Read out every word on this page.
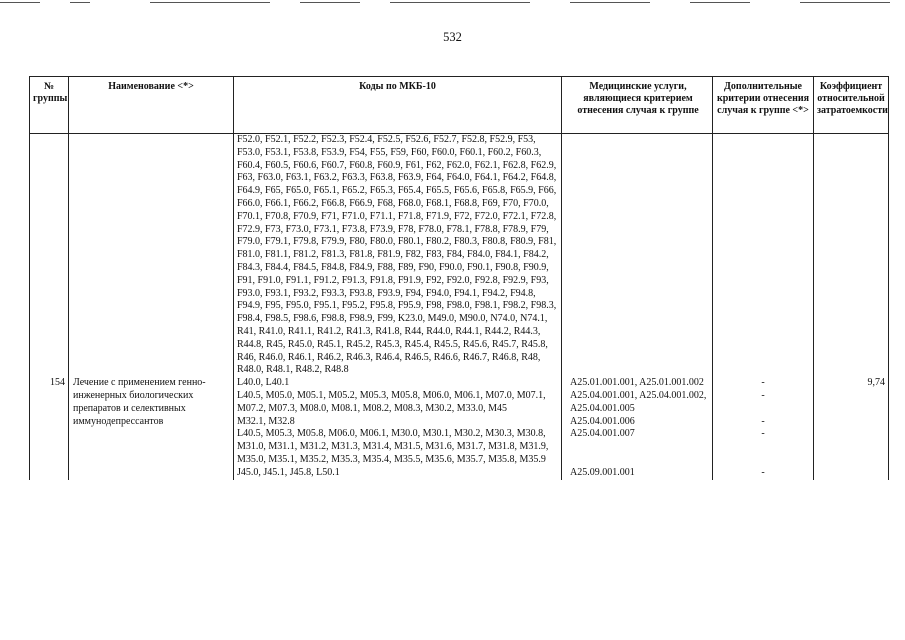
532
№ группы	Наименование <*>	Коды по МКБ-10	Медицинские услуги, являющиеся критерием отнесения случая к группе	Дополнительные критерии отнесения случая к группе <*>	Коэффициент относительной затратоемкости
		F52.0, F52.1, F52.2, F52.3, F52.4, F52.5, F52.6, F52.7, F52.8, F52.9, F53, F53.0, F53.1, F53.8, F53.9, F54, F55, F59, F60, F60.0, F60.1, F60.2, F60.3, F60.4, F60.5, F60.6, F60.7, F60.8, F60.9, F61, F62, F62.0, F62.1, F62.8, F62.9, F63, F63.0, F63.1, F63.2, F63.3, F63.8, F63.9, F64, F64.0, F64.1, F64.2, F64.8, F64.9, F65, F65.0, F65.1, F65.2, F65.3, F65.4, F65.5, F65.6, F65.8, F65.9, F66, F66.0, F66.1, F66.2, F66.8, F66.9, F68, F68.0, F68.1, F68.8, F69, F70, F70.0, F70.1, F70.8, F70.9, F71, F71.0, F71.1, F71.8, F71.9, F72, F72.0, F72.1, F72.8, F72.9, F73, F73.0, F73.1, F73.8, F73.9, F78, F78.0, F78.1, F78.8, F78.9, F79, F79.0, F79.1, F79.8, F79.9, F80, F80.0, F80.1, F80.2, F80.3, F80.8, F80.9, F81, F81.0, F81.1, F81.2, F81.3, F81.8, F81.9, F82, F83, F84, F84.0, F84.1, F84.2, F84.3, F84.4, F84.5, F84.8, F84.9, F88, F89, F90, F90.0, F90.1, F90.8, F90.9, F91, F91.0, F91.1, F91.2, F91.3, F91.8, F91.9, F92, F92.0, F92.8, F92.9, F93, F93.0, F93.1, F93.2, F93.3, F93.8, F93.9, F94, F94.0, F94.1, F94.2, F94.8, F94.9, F95, F95.0, F95.1, F95.2, F95.8, F95.9, F98, F98.0, F98.1, F98.2, F98.3, F98.4, F98.5, F98.6, F98.8, F98.9, F99, K23.0, M49.0, M90.0, N74.0, N74.1, R41, R41.0, R41.1, R41.2, R41.3, R41.8, R44, R44.0, R44.1, R44.2, R44.3, R44.8, R45, R45.0, R45.1, R45.2, R45.3, R45.4, R45.5, R45.6, R45.7, R45.8, R46, R46.0, R46.1, R46.2, R46.3, R46.4, R46.5, R46.6, R46.7, R46.8, R48, R48.0, R48.1, R48.2, R48.8			
154	Лечение с применением генно-инженерных биологических препаратов и селективных иммунодепрессантов	L40.0, L40.1	A25.01.001.001, A25.01.001.002	-	9,74
		L40.5, M05.0, M05.1, M05.2, M05.3, M05.8, M06.0, M06.1, M07.0, M07.1, M07.2, M07.3, M08.0, M08.1, M08.2, M08.3, M30.2, M33.0, M45	A25.04.001.001, A25.04.001.002, A25.04.001.005	-	
		M32.1, M32.8	A25.04.001.006	-	
		L40.5, M05.3, M05.8, M06.0, M06.1, M30.0, M30.1, M30.2, M30.3, M30.8, M31.0, M31.1, M31.2, M31.3, M31.4, M31.5, M31.6, M31.7, M31.8, M31.9, M35.0, M35.1, M35.2, M35.3, M35.4, M35.5, M35.6, M35.7, M35.8, M35.9	A25.04.001.007	-	
		J45.0, J45.1, J45.8, L50.1	A25.09.001.001	-	
